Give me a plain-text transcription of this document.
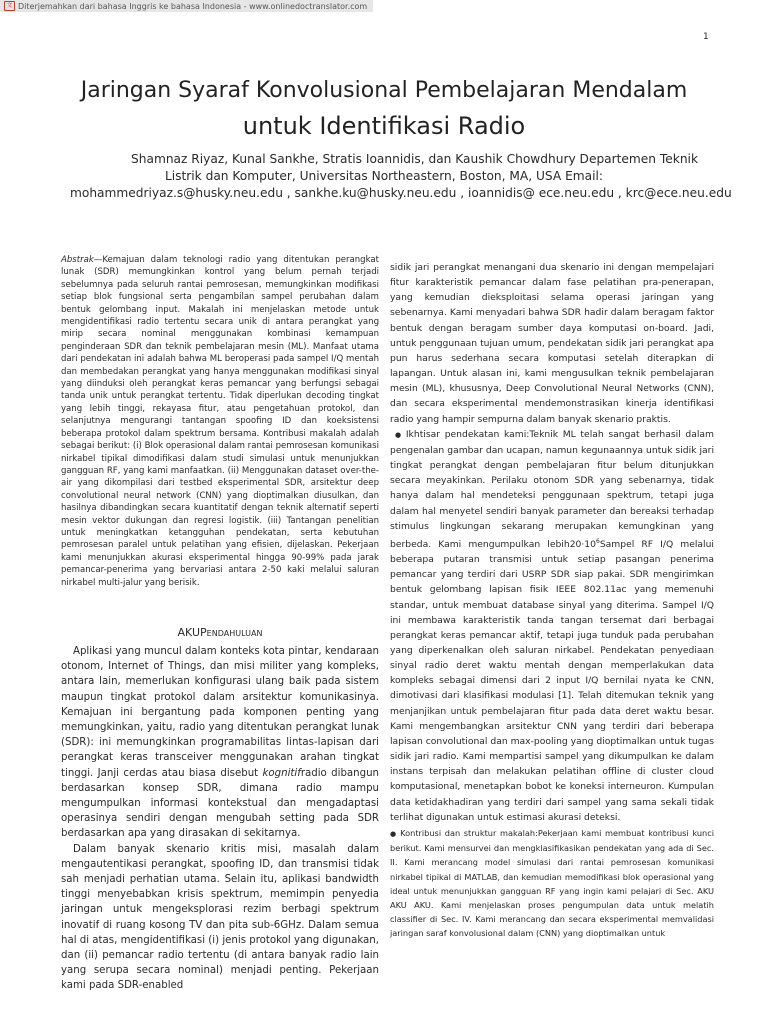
文 Diterjemahkan dari bahasa Inggris ke bahasa Indonesia - www.onlinedoctranslator.com
1
Jaringan Syaraf Konvolusional Pembelajaran Mendalam
untuk Identifikasi Radio
Shamnaz Riyaz, Kunal Sankhe, Stratis Ioannidis, dan Kaushik Chowdhury Departemen Teknik
Listrik dan Komputer, Universitas Northeastern, Boston, MA, USA Email:
mohammedriyaz.s@husky.neu.edu , sankhe.ku@husky.neu.edu , ioannidis@ ece.neu.edu , krc@ece.neu.edu
Abstrak—Kemajuan dalam teknologi radio yang ditentukan perangkat lunak (SDR) memungkinkan kontrol yang belum pernah terjadi sebelumnya pada seluruh rantai pemrosesan, memungkinkan modifikasi setiap blok fungsional serta pengambilan sampel perubahan dalam bentuk gelombang input. Makalah ini menjelaskan metode untuk mengidentifikasi radio tertentu secara unik di antara perangkat yang mirip secara nominal menggunakan kombinasi kemampuan penginderaan SDR dan teknik pembelajaran mesin (ML). Manfaat utama dari pendekatan ini adalah bahwa ML beroperasi pada sampel I/Q mentah dan membedakan perangkat yang hanya menggunakan modifikasi sinyal yang diinduksi oleh perangkat keras pemancar yang berfungsi sebagai tanda unik untuk perangkat tertentu. Tidak diperlukan decoding tingkat yang lebih tinggi, rekayasa fitur, atau pengetahuan protokol, dan selanjutnya mengurangi tantangan spoofing ID dan koeksistensi beberapa protokol dalam spektrum bersama. Kontribusi makalah adalah sebagai berikut: (i) Blok operasional dalam rantai pemrosesan komunikasi nirkabel tipikal dimodifikasi dalam studi simulasi untuk menunjukkan gangguan RF, yang kami manfaatkan. (ii) Menggunakan dataset over-the-air yang dikompilasi dari testbed eksperimental SDR, arsitektur deep convolutional neural network (CNN) yang dioptimalkan diusulkan, dan hasilnya dibandingkan secara kuantitatif dengan teknik alternatif seperti mesin vektor dukungan dan regresi logistik. (iii) Tantangan penelitian untuk meningkatkan ketangguhan pendekatan, serta kebutuhan pemrosesan paralel untuk pelatihan yang efisien, dijelaskan. Pekerjaan kami menunjukkan akurasi eksperimental hingga 90-99% pada jarak pemancar-penerima yang bervariasi antara 2-50 kaki melalui saluran nirkabel multi-jalur yang berisik.
AKUPendahuluan

Aplikasi yang muncul dalam konteks kota pintar, kendaraan otonom, Internet of Things, dan misi militer yang kompleks, antara lain, memerlukan konfigurasi ulang baik pada sistem maupun tingkat protokol dalam arsitektur komunikasinya. Kemajuan ini bergantung pada komponen penting yang memungkinkan, yaitu, radio yang ditentukan perangkat lunak (SDR): ini memungkinkan programabilitas lintas-lapisan dari perangkat keras transceiver menggunakan arahan tingkat tinggi. Janji cerdas atau biasa disebut kognitifradio dibangun berdasarkan konsep SDR, dimana radio mampu mengumpulkan informasi kontekstual dan mengadaptasi operasinya sendiri dengan mengubah setting pada SDR berdasarkan apa yang dirasakan di sekitarnya.

Dalam banyak skenario kritis misi, masalah dalam mengautentikasi perangkat, spoofing ID, dan transmisi tidak sah menjadi perhatian utama. Selain itu, aplikasi bandwidth tinggi menyebabkan krisis spektrum, memimpin penyedia jaringan untuk mengeksplorasi rezim berbagi spektrum inovatif di ruang kosong TV dan pita sub-6GHz. Dalam semua hal di atas, mengidentifikasi (i) jenis protokol yang digunakan, dan (ii) pemancar radio tertentu (di antara banyak radio lain yang serupa secara nominal) menjadi penting. Pekerjaan kami pada SDR-enabled

sidik jari perangkat menangani dua skenario ini dengan mempelajari fitur karakteristik pemancar dalam fase pelatihan pra-penerapan, yang kemudian dieksploitasi selama operasi jaringan yang sebenarnya. Kami menyadari bahwa SDR hadir dalam beragam faktor bentuk dengan beragam sumber daya komputasi on-board. Jadi, untuk penggunaan tujuan umum, pendekatan sidik jari perangkat apa pun harus sederhana secara komputasi setelah diterapkan di lapangan. Untuk alasan ini, kami mengusulkan teknik pembelajaran mesin (ML), khususnya, Deep Convolutional Neural Networks (CNN), dan secara eksperimental mendemonstrasikan kinerja identifikasi radio yang hampir sempurna dalam banyak skenario praktis.

● Ikhtisar pendekatan kami:Teknik ML telah sangat berhasil dalam pengenalan gambar dan ucapan, namun kegunaannya untuk sidik jari tingkat perangkat dengan pembelajaran fitur belum ditunjukkan secara meyakinkan. Perilaku otonom SDR yang sebenarnya, tidak hanya dalam hal mendeteksi penggunaan spektrum, tetapi juga dalam hal menyetel sendiri banyak parameter dan bereaksi terhadap stimulus lingkungan sekarang merupakan kemungkinan yang berbeda. Kami mengumpulkan $lebih20\cdot 10^6Sampel$ RF I/Q melalui beberapa putaran transmisi untuk setiap pasangan penerima pemancar yang terdiri dari USRP SDR siap pakai. SDR mengirimkan bentuk gelombang lapisan fisik IEEE 802.11ac yang memenuhi standar, untuk membuat database sinyal yang diterima. Sampel I/Q ini membawa karakteristik tanda tangan tersemat dari berbagai perangkat keras pemancar aktif, tetapi juga tunduk pada perubahan yang diperkenalkan oleh saluran nirkabel. Pendekatan penyediaan sinyal radio deret waktu mentah dengan memperlakukan data kompleks sebagai dimensi dari 2 input I/Q bernilai nyata ke CNN, dimotivasi dari klasifikasi modulasi [1]. Telah ditemukan teknik yang menjanjikan untuk pembelajaran fitur pada data deret waktu besar. Kami mengembangkan arsitektur CNN yang terdiri dari beberapa lapisan convolutional dan max-pooling yang dioptimalkan untuk tugas sidik jari radio. Kami mempartisi sampel yang dikumpulkan ke dalam instans terpisah dan melakukan pelatihan offline di cluster cloud komputasional, menetapkan bobot ke koneksi interneuron. Kumpulan data ketidakhadiran yang terdiri dari sampel yang sama sekali tidak terlihat digunakan untuk estimasi akurasi deteksi.

● Kontribusi dan struktur makalah:Pekerjaan kami membuat kontribusi kunci berikut. Kami mensurvei dan mengklasifikasikan pendekatan yang ada di Sec. II. Kami merancang model simulasi dari rantai pemrosesan komunikasi nirkabel tipikal di MATLAB, dan kemudian memodifikasi blok operasional yang ideal untuk menunjukkan gangguan RF yang ingin kami pelajari di Sec. AKU AKU AKU. Kami menjelaskan proses pengumpulan data untuk melatih classifier di Sec. IV. Kami merancang dan secara eksperimental memvalidasi jaringan saraf konvolusional dalam (CNN) yang dioptimalkan untuk
